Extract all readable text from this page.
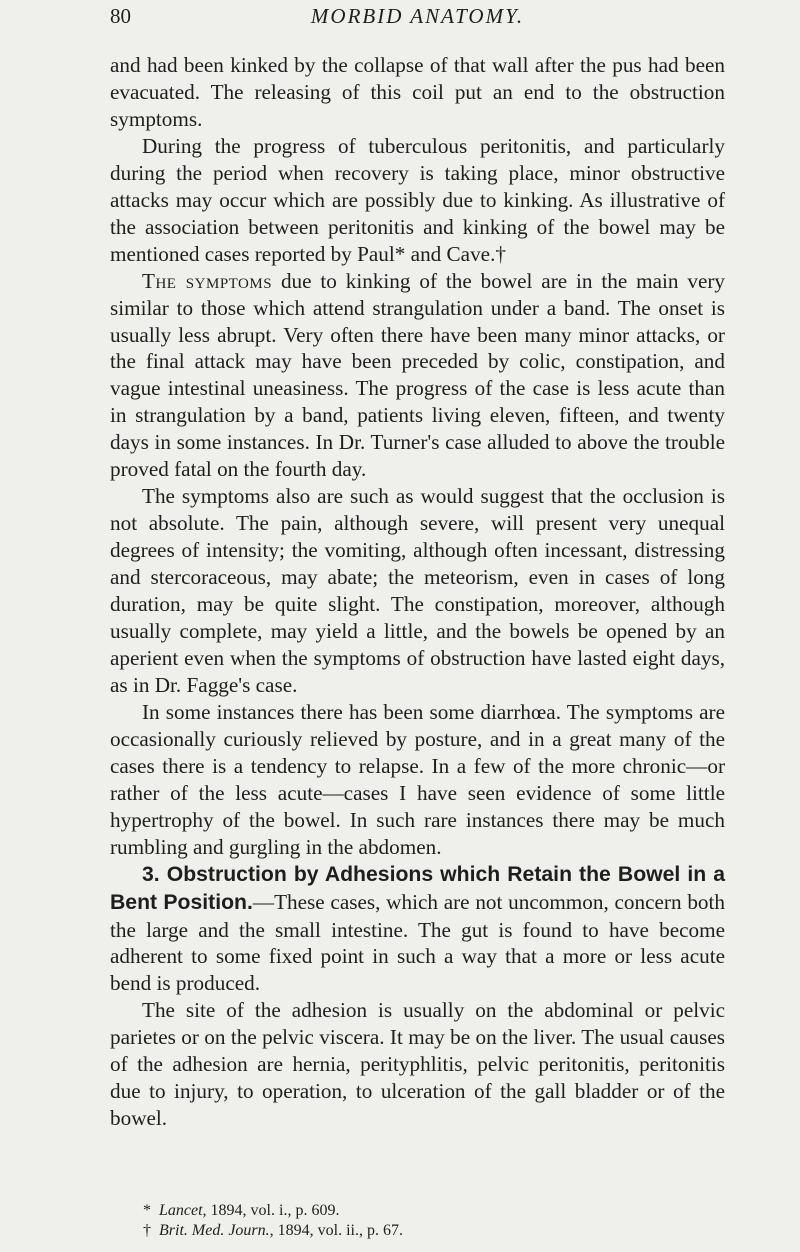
80	MORBID ANATOMY.

and had been kinked by the collapse of that wall after the pus had been evacuated. The releasing of this coil put an end to the obstruction symptoms.

During the progress of tuberculous peritonitis, and particularly during the period when recovery is taking place, minor obstructive attacks may occur which are possibly due to kinking. As illustrative of the association between peritonitis and kinking of the bowel may be mentioned cases reported by Paul* and Cave.†

The symptoms due to kinking of the bowel are in the main very similar to those which attend strangulation under a band. The onset is usually less abrupt. Very often there have been many minor attacks, or the final attack may have been preceded by colic, constipation, and vague intestinal uneasiness. The progress of the case is less acute than in strangulation by a band, patients living eleven, fifteen, and twenty days in some instances. In Dr. Turner's case alluded to above the trouble proved fatal on the fourth day.

The symptoms also are such as would suggest that the occlusion is not absolute. The pain, although severe, will present very unequal degrees of intensity; the vomiting, although often incessant, distressing and stercoraceous, may abate; the meteorism, even in cases of long duration, may be quite slight. The constipation, moreover, although usually complete, may yield a little, and the bowels be opened by an aperient even when the symptoms of obstruction have lasted eight days, as in Dr. Fagge's case.

In some instances there has been some diarrhœa. The symptoms are occasionally curiously relieved by posture, and in a great many of the cases there is a tendency to relapse. In a few of the more chronic—or rather of the less acute—cases I have seen evidence of some little hypertrophy of the bowel. In such rare instances there may be much rumbling and gurgling in the abdomen.

3. Obstruction by Adhesions which Retain the Bowel in a Bent Position.—These cases, which are not uncommon, concern both the large and the small intestine. The gut is found to have become adherent to some fixed point in such a way that a more or less acute bend is produced.

The site of the adhesion is usually on the abdominal or pelvic parietes or on the pelvic viscera. It may be on the liver. The usual causes of the adhesion are hernia, perityphlitis, pelvic peritonitis, peritonitis due to injury, to operation, to ulceration of the gall bladder or of the bowel.

* Lancet, 1894, vol. i., p. 609.

† Brit. Med. Journ., 1894, vol. ii., p. 67.
